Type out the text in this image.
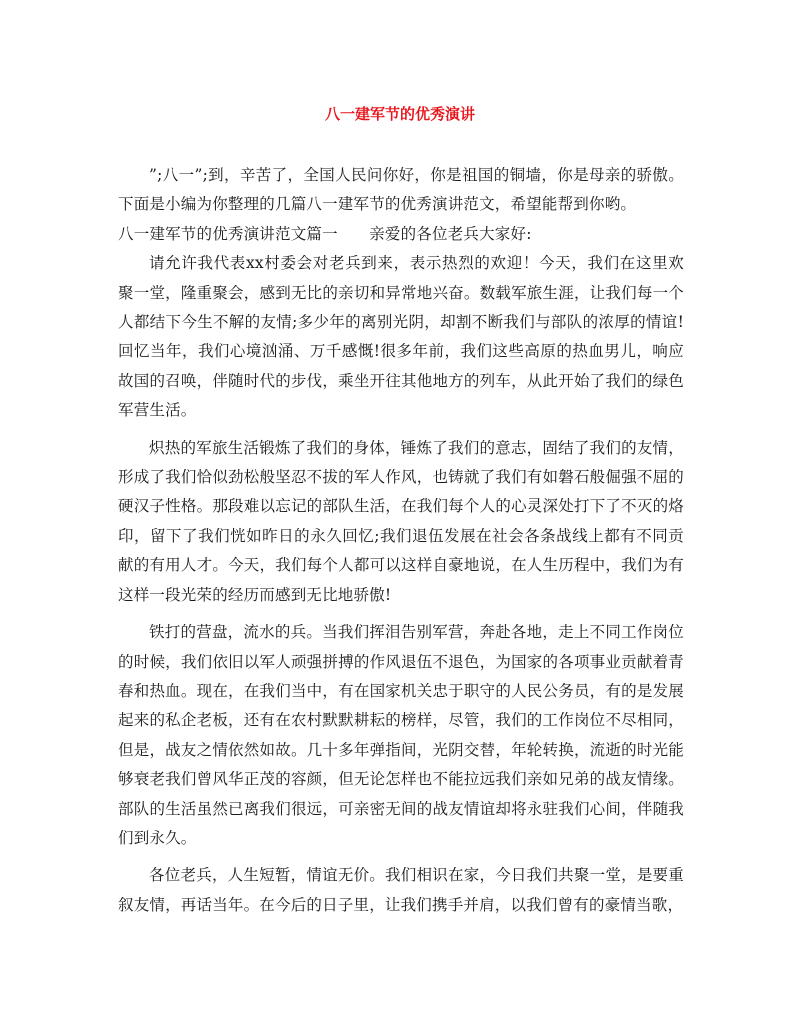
八一建军节的优秀演讲

”;八一”;到，辛苦了，全国人民问你好，你是祖国的铜墙，你是母亲的骄傲。下面是小编为你整理的几篇八一建军节的优秀演讲范文，希望能帮到你哟。

八一建军节的优秀演讲范文篇一　　亲爱的各位老兵大家好:

请允许我代表xx村委会对老兵到来，表示热烈的欢迎！今天，我们在这里欢聚一堂，隆重聚会，感到无比的亲切和异常地兴奋。数载军旅生涯，让我们每一个人都结下今生不解的友情;多少年的离别光阴，却割不断我们与部队的浓厚的情谊!回忆当年，我们心境汹涌、万千感慨!很多年前，我们这些高原的热血男儿，响应故国的召唤，伴随时代的步伐，乘坐开往其他地方的列车，从此开始了我们的绿色军营生活。

炽热的军旅生活锻炼了我们的身体，锤炼了我们的意志，固结了我们的友情，形成了我们恰似劲松般坚忍不拔的军人作风，也铸就了我们有如磐石般倔强不屈的硬汉子性格。那段难以忘记的部队生活，在我们每个人的心灵深处打下了不灭的烙印，留下了我们恍如昨日的永久回忆;我们退伍发展在社会各条战线上都有不同贡献的有用人才。今天，我们每个人都可以这样自豪地说，在人生历程中，我们为有这样一段光荣的经历而感到无比地骄傲!

铁打的营盘，流水的兵。当我们挥泪告别军营，奔赴各地，走上不同工作岗位的时候，我们依旧以军人顽强拼搏的作风退伍不退色，为国家的各项事业贡献着青春和热血。现在，在我们当中，有在国家机关忠于职守的人民公务员，有的是发展起来的私企老板，还有在农村默默耕耘的榜样，尽管，我们的工作岗位不尽相同，但是，战友之情依然如故。几十多年弹指间，光阴交替，年轮转换，流逝的时光能够衰老我们曾风华正茂的容颜，但无论怎样也不能拉远我们亲如兄弟的战友情缘。部队的生活虽然已离我们很远，可亲密无间的战友情谊却将永驻我们心间，伴随我们到永久。

各位老兵，人生短暂，情谊无价。我们相识在家，今日我们共聚一堂，是要重叙友情，再话当年。在今后的日子里，让我们携手并肩，以我们曾有的豪情当歌，
